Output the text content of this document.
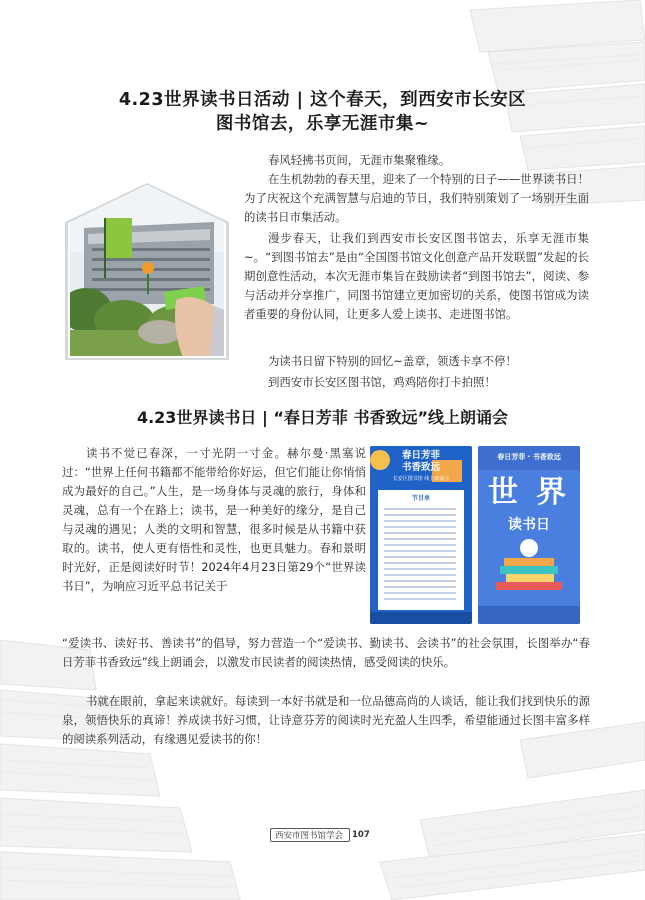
4.23世界读书日活动 | 这个春天，到西安市长安区
图书馆去，乐享无涯市集~

春风轻拂书页间，无涯市集聚雅缘。

在生机勃勃的春天里，迎来了一个特别的日子——世界读书日！为了庆祝这个充满智慧与启迪的节日，我们特别策划了一场别开生面的读书日市集活动。

漫步春天，让我们到西安市长安区图书馆去，乐享无涯市集~。“到图书馆去”是由“全国图书馆文化创意产品开发联盟”发起的长期创意性活动，本次无涯市集旨在鼓励读者“到图书馆去”，阅读、参与活动并分享推广，同图书馆建立更加密切的关系，使图书馆成为读者重要的身份认同，让更多人爱上读书、走进图书馆。

为读书日留下特别的回忆~盖章，领透卡享不停！

到西安市长安区图书馆，鸡鸡陪你打卡拍照！

4.23世界读书日 | “春日芳菲 书香致远”线上朗诵会

读书不觉已春深，一寸光阴一寸金。赫尔曼·黑塞说过：“世界上任何书籍都不能带给你好运，但它们能让你悄悄成为最好的自己。”人生，是一场身体与灵魂的旅行，身体和灵魂，总有一个在路上；读书，是一种美好的缘分，是自己与灵魂的遇见；人类的文明和智慧，很多时候是从书籍中获取的。读书，使人更有悟性和灵性，也更具魅力。春和景明时光好，正是阅读好时节！2024年4月23日第29个“世界读书日”，为响应习近平总书记关于

春日芳菲
书香致远
长安区图书馆 线上朗诵会
节目单
春日芳菲 · 书香致远
世 界
读书日

“爱读书、读好书、善读书”的倡导，努力营造一个“爱读书、勤读书、会读书”的社会氛围，长图举办“春日芳菲书香致远”线上朗诵会，以激发市民读者的阅读热情，感受阅读的快乐。

书就在眼前，拿起来读就好。每读到一本好书就是和一位品德高尚的人谈话，能让我们找到快乐的源泉，领悟快乐的真谛！养成读书好习惯，让诗意芬芳的阅读时光充盈人生四季，希望能通过长图丰富多样的阅读系列活动，有缘遇见爱读书的你！

西安市图书馆学会	107
